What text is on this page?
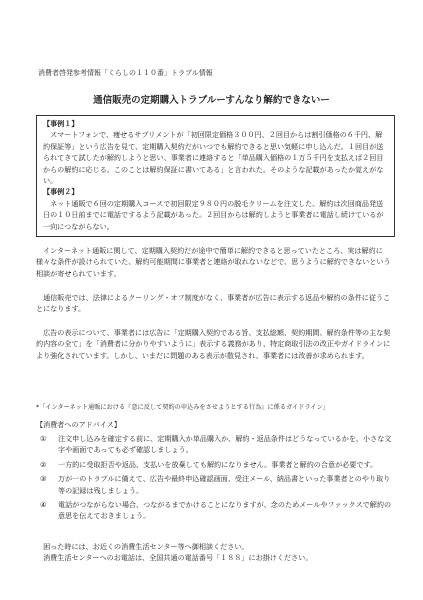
消費者啓発参考情報「くらしの１１０番」トラブル情報
通信販売の定期購入トラブルーすんなり解約できないー
【事例１】

スマートフォンで、痩せるサプリメントが「初回限定価格３００円、２回目からは割引価格の６千円、解約保証等」という広告を見て、定期購入契約だがいつでも解約できると思い気軽に申し込んだ。１回目が送られてきて試したが解約しようと思い、事業者に連絡すると「単品購入価格の１万５千円を支払えば２回目からの解約に応じる。このことは解約保証に書いてある」と言われた。そのような記載があったか覚えがない。

【事例２】

ネット通販で６回の定期購入コースで初回限定９８０円の脱毛クリームを注文した。解約は次回商品発送日の１０日前までに電話でするよう記載があった。２回目からは解約しようと事業者に電話し続けているが一向につながらない。

インターネット通販に関して、定期購入契約だが途中で簡単に解約できると思っていたところ、実は解約に様々な条件が設けられていた、解約可能期間に事業者と連絡が取れないなどで、思うように解約できないという相談が寄せられています。

通信販売では、法律によるクーリング・オフ制度がなく、事業者が広告に表示する返品や解約の条件に従うことになります。

広告の表示について、事業者には広告に「定期購入契約である旨、支払総額、契約期間、解約条件等の主な契約内容の全て」を「消費者に分かりやすいように」表示する義務があり、特定商取引法の改正やガイドラインにより強化されています。しかし、いまだに問題のある表示が散見され、事業者には改善が求められます。

*「インターネット通販における『意に反して契約の申込みをさせようとする行為』に係るガイドライン」
【消費者へのアドバイス】
① 注文申し込みを確定する前に、定期購入か単品購入か、解約・返品条件はどうなっているかを、小さな文字や画面であっても必ず確認しましょう。
② 一方的に受取拒否や返品、支払いを放棄しても解約になりません。事業者と解約の合意が必要です。
③ 万が一のトラブルに備えて、広告や最終申込確認画面、受注メール、納品書といった事業者とのやり取り等の記録は残しましょう。
④ 電話がつながらない場合、つながるまでかけることになりますが、念のためメールやファックスで解約の意思を伝えておきましょう。

困った時には、お近くの消費生活センター等へ御相談ください。

消費生活センターへのお電話は、全国共通の電話番号「１８８」にお掛けください。
